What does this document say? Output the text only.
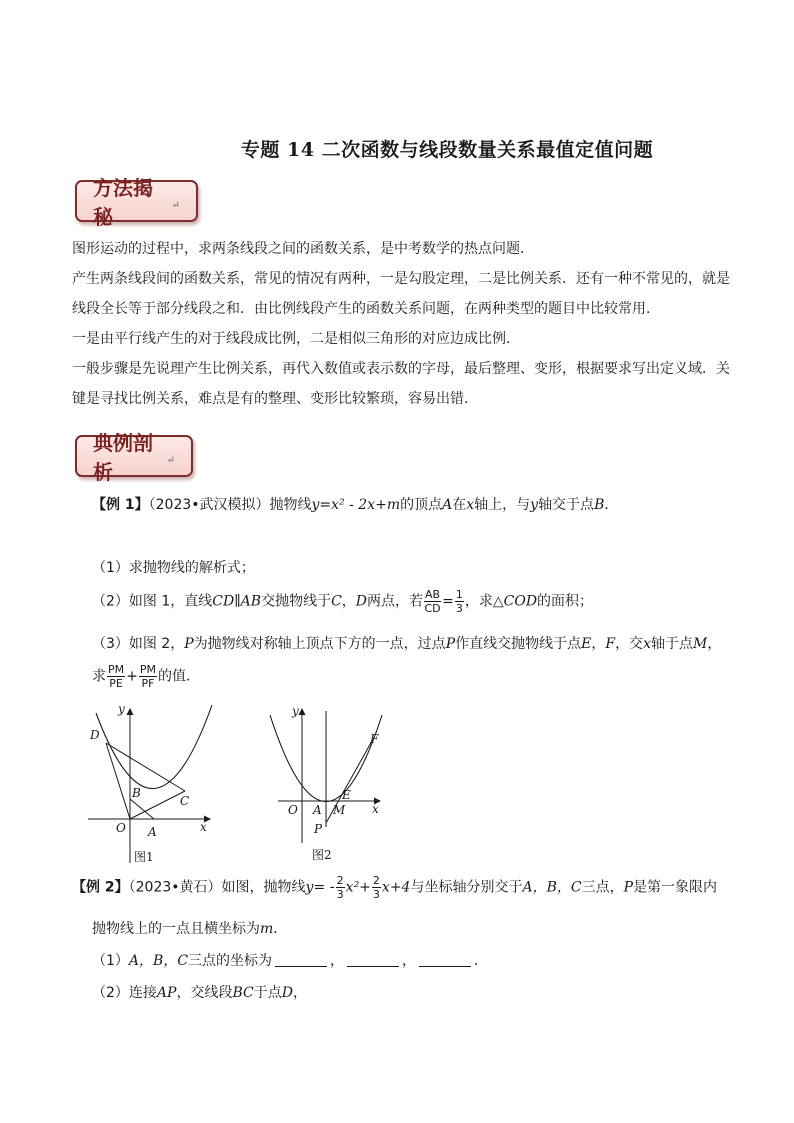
专题 14 二次函数与线段数量关系最值定值问题
方法揭秘	↵
图形运动的过程中，求两条线段之间的函数关系，是中考数学的热点问题．
产生两条线段间的函数关系，常见的情况有两种，一是勾股定理，二是比例关系．还有一种不常见的，就是线段全长等于部分线段之和．由比例线段产生的函数关系问题，在两种类型的题目中比较常用．
一是由平行线产生的对于线段成比例，二是相似三角形的对应边成比例．
一般步骤是先说理产生比例关系，再代入数值或表示数的字母，最后整理、变形，根据要求写出定义域．关键是寻找比例关系，难点是有的整理、变形比较繁琐，容易出错．
典例剖析	↵
【例 1】（2023•武汉模拟）抛物线y=x² - 2x+m的顶点A在x轴上，与y轴交于点B．
（1）求抛物线的解析式；
（2）如图 1，直线CD∥AB交抛物线于C，D两点，若 $\frac{AB}{CD} = \frac{1}{3}$ ，求△COD的面积；
（3）如图 2，P为抛物线对称轴上顶点下方的一点，过点P作直线交抛物线于点E，F，交x轴于点M，
求 $\frac{PM}{PE} + \frac{PM}{PF}$ 的值．
y
x
O A
B
C
D
图1
y
x
O A M
E
F
P
图2
【例 2】（2023•黄石）如图，抛物线$y= - \frac{2}{3} x^2+ \frac{2}{3} x+4$与坐标轴分别交于A，B，C三点，P是第一象限内
抛物线上的一点且横坐标为m．
（1）A，B，C三点的坐标为	，	，	．
（2）连接AP，交线段BC于点D，
